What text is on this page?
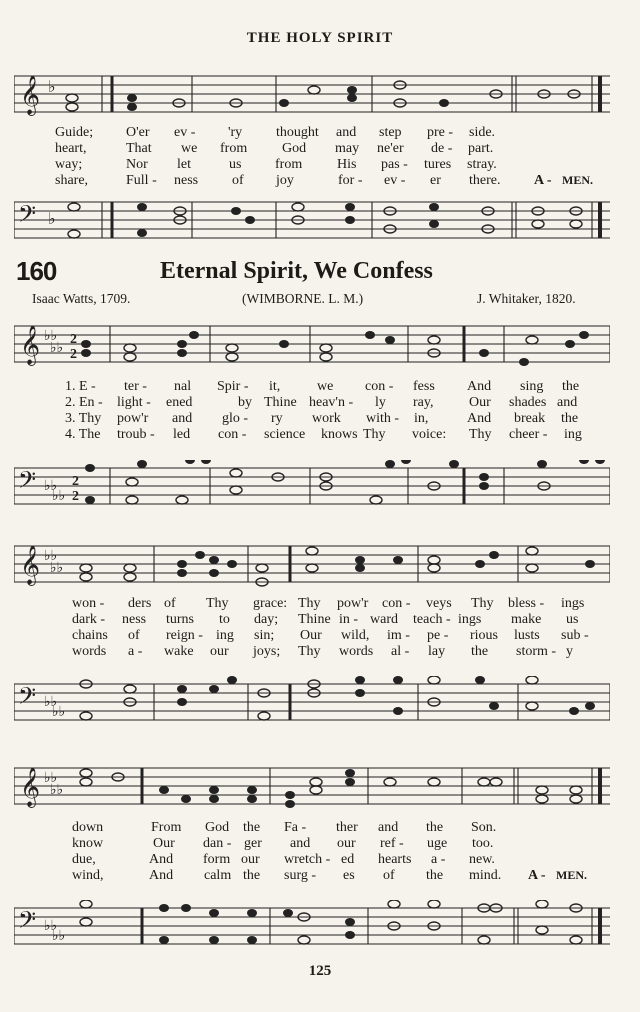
THE HOLY SPIRIT
𝄞 ♭
Guide; O'er ev - 'ry thought and step pre - side.
heart,	That we from God may ne'er de - part.
way;	Nor let	us from His pas - tures stray.
share,	Full - ness of joy	for - ev - er there. A - MEN.
𝄢 ♭
160	Eternal Spirit, We Confess
Isaac Watts, 1709.	(WIMBORNE. L. M.)	J. Whitaker, 1820.
𝄞 ♭♭
♭♭
2
2
1. E - ter - nal Spir - it,	we con - fess And sing the
2. En - light - ened	by Thine heav'n - ly ray,	Our shades and
3. Thy pow'r and glo - ry work with - in,	And break the
4. The troub - led con - science knows Thy voice: Thy cheer - ing
𝄢 ♭♭
♭♭
2
2
𝄞 ♭♭
♭♭
won - ders of Thy grace: Thy pow'r con - veys Thy bless - ings
dark - ness turns to day; Thine in - ward teach - ings make us
chains of reign - ing sin; Our wild, im - pe - rious lusts sub -
words a - wake our joys; Thy words al - lay the storm - y
𝄢 ♭♭
♭♭
𝄞 ♭♭
♭♭
down	From God the Fa - ther and the Son.
know	Our dan - ger and our ref - uge too.
due,	And form our wretch - ed hearts a - new.
wind,	And calm the surg - es of the mind. A - MEN.
𝄢 ♭♭
♭♭
125
